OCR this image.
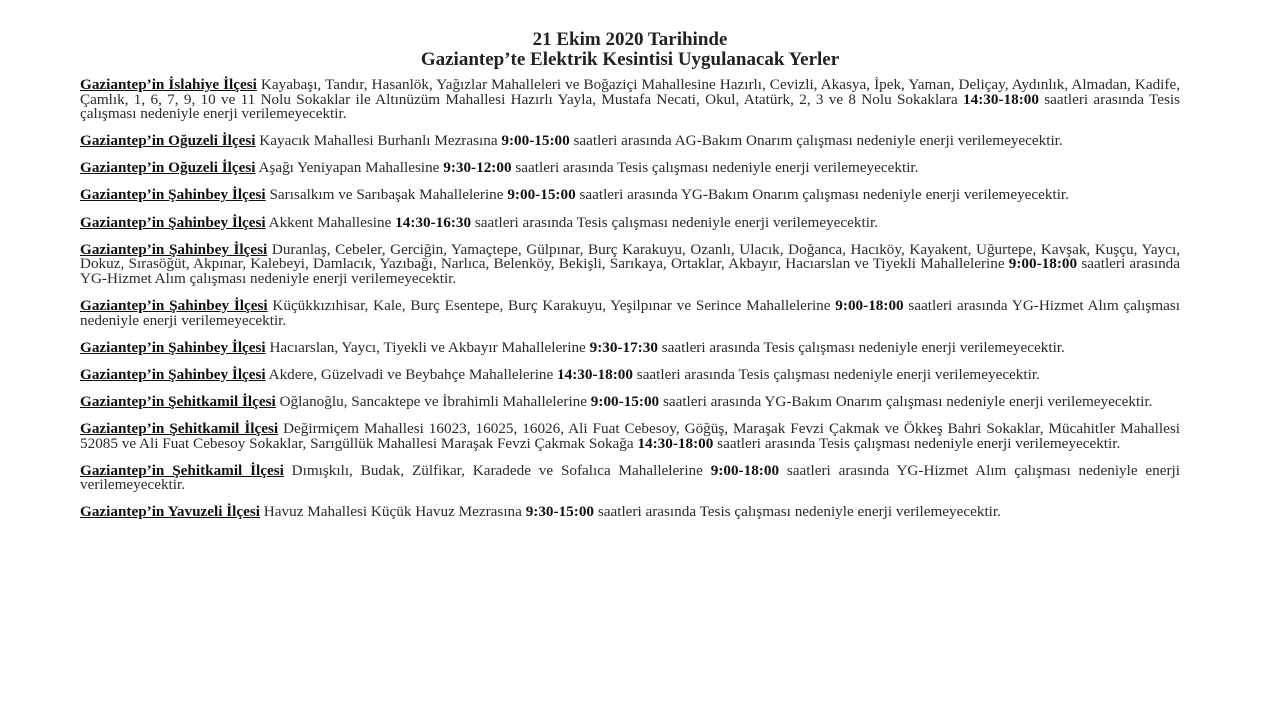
21 Ekim 2020 Tarihinde
Gaziantep’te Elektrik Kesintisi Uygulanacak Yerler

Gaziantep’in İslahiye İlçesi Kayabaşı, Tandır, Hasanlök, Yağızlar Mahalleleri ve Boğaziçi Mahallesine Hazırlı, Cevizli, Akasya, İpek, Yaman, Deliçay, Aydınlık, Almadan, Kadife, Çamlık, 1, 6, 7, 9, 10 ve 11 Nolu Sokaklar ile Altınüzüm Mahallesi Hazırlı Yayla, Mustafa Necati, Okul, Atatürk, 2, 3 ve 8 Nolu Sokaklara 14:30-18:00 saatleri arasında Tesis çalışması nedeniyle enerji verilemeyecektir.

Gaziantep’in Oğuzeli İlçesi Kayacık Mahallesi Burhanlı Mezrasına 9:00-15:00 saatleri arasında AG-Bakım Onarım çalışması nedeniyle enerji verilemeyecektir.

Gaziantep’in Oğuzeli İlçesi Aşağı Yeniyapan Mahallesine 9:30-12:00 saatleri arasında Tesis çalışması nedeniyle enerji verilemeyecektir.

Gaziantep’in Şahinbey İlçesi Sarısalkım ve Sarıbaşak Mahallelerine 9:00-15:00 saatleri arasında YG-Bakım Onarım çalışması nedeniyle enerji verilemeyecektir.

Gaziantep’in Şahinbey İlçesi Akkent Mahallesine 14:30-16:30 saatleri arasında Tesis çalışması nedeniyle enerji verilemeyecektir.

Gaziantep’in Şahinbey İlçesi Duranlaş, Cebeler, Gerciğin, Yamaçtepe, Gülpınar, Burç Karakuyu, Ozanlı, Ulacık, Doğanca, Hacıköy, Kayakent, Uğurtepe, Kavşak, Kuşçu, Yaycı, Dokuz, Sırasöğüt, Akpınar, Kalebeyi, Damlacık, Yazıbağı, Narlıca, Belenköy, Bekişli, Sarıkaya, Ortaklar, Akbayır, Hacıarslan ve Tiyekli Mahallelerine 9:00-18:00 saatleri arasında YG-Hizmet Alım çalışması nedeniyle enerji verilemeyecektir.

Gaziantep’in Şahinbey İlçesi Küçükkızıhisar, Kale, Burç Esentepe, Burç Karakuyu, Yeşilpınar ve Serince Mahallelerine 9:00-18:00 saatleri arasında YG-Hizmet Alım çalışması nedeniyle enerji verilemeyecektir.

Gaziantep’in Şahinbey İlçesi Hacıarslan, Yaycı, Tiyekli ve Akbayır Mahallelerine 9:30-17:30 saatleri arasında Tesis çalışması nedeniyle enerji verilemeyecektir.

Gaziantep’in Şahinbey İlçesi Akdere, Güzelvadi ve Beybahçe Mahallelerine 14:30-18:00 saatleri arasında Tesis çalışması nedeniyle enerji verilemeyecektir.

Gaziantep’in Şehitkamil İlçesi Oğlanoğlu, Sancaktepe ve İbrahimli Mahallelerine 9:00-15:00 saatleri arasında YG-Bakım Onarım çalışması nedeniyle enerji verilemeyecektir.

Gaziantep’in Şehitkamil İlçesi Değirmiçem Mahallesi 16023, 16025, 16026, Ali Fuat Cebesoy, Göğüş, Maraşak Fevzi Çakmak ve Ökkeş Bahri Sokaklar, Mücahitler Mahallesi 52085 ve Ali Fuat Cebesoy Sokaklar, Sarıgüllük Mahallesi Maraşak Fevzi Çakmak Sokağa 14:30-18:00 saatleri arasında Tesis çalışması nedeniyle enerji verilemeyecektir.

Gaziantep’in Şehitkamil İlçesi Dımışkılı, Budak, Zülfikar, Karadede ve Sofalıca Mahallelerine 9:00-18:00 saatleri arasında YG-Hizmet Alım çalışması nedeniyle enerji verilemeyecektir.

Gaziantep’in Yavuzeli İlçesi Havuz Mahallesi Küçük Havuz Mezrasına 9:30-15:00 saatleri arasında Tesis çalışması nedeniyle enerji verilemeyecektir.
